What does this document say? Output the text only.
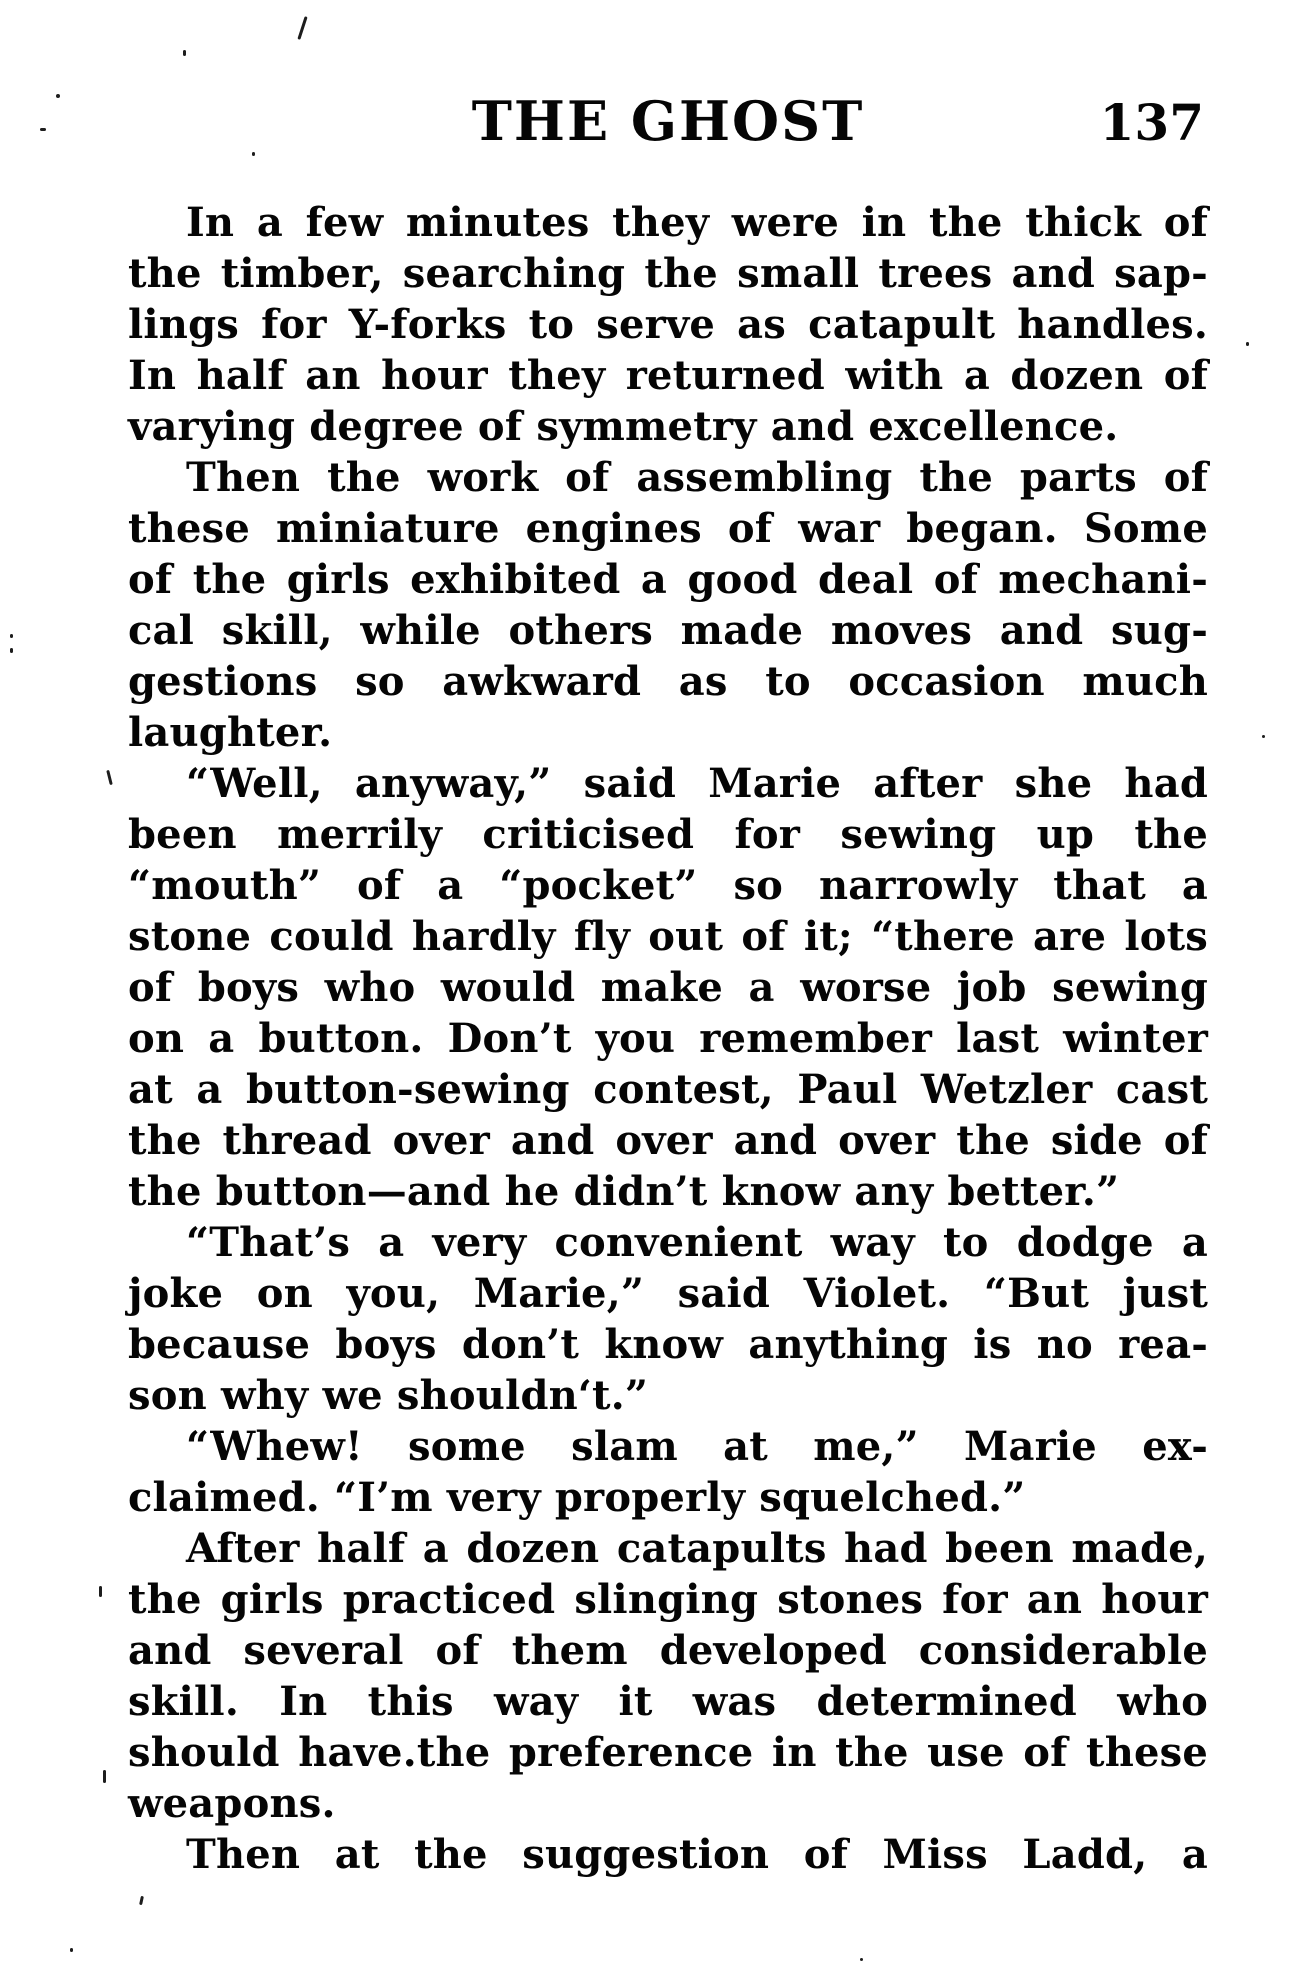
THE GHOST	137
In a few minutes they were in the thick of
the timber, searching the small trees and sap-
lings for Y-forks to serve as catapult handles.
In half an hour they returned with a dozen of
varying degree of symmetry and excellence.
Then the work of assembling the parts of
these miniature engines of war began. Some
of the girls exhibited a good deal of mechani-
cal skill, while others made moves and sug-
gestions so awkward as to occasion much
laughter.
“Well, anyway,” said Marie after she had
been merrily criticised for sewing up the
“mouth” of a “pocket” so narrowly that a
stone could hardly fly out of it; “there are lots
of boys who would make a worse job sewing
on a button. Don’t you remember last winter
at a button-sewing contest, Paul Wetzler cast
the thread over and over and over the side of
the button—and he didn’t know any better.”
“That’s a very convenient way to dodge a
joke on you, Marie,” said Violet. “But just
because boys don’t know anything is no rea-
son why we shouldn‘t.”
“Whew! some slam at me,” Marie ex-
claimed. “I’m very properly squelched.”
After half a dozen catapults had been made,
the girls practiced slinging stones for an hour
and several of them developed considerable
skill. In this way it was determined who
should have.the preference in the use of these
weapons.
Then at the suggestion of Miss Ladd, a
